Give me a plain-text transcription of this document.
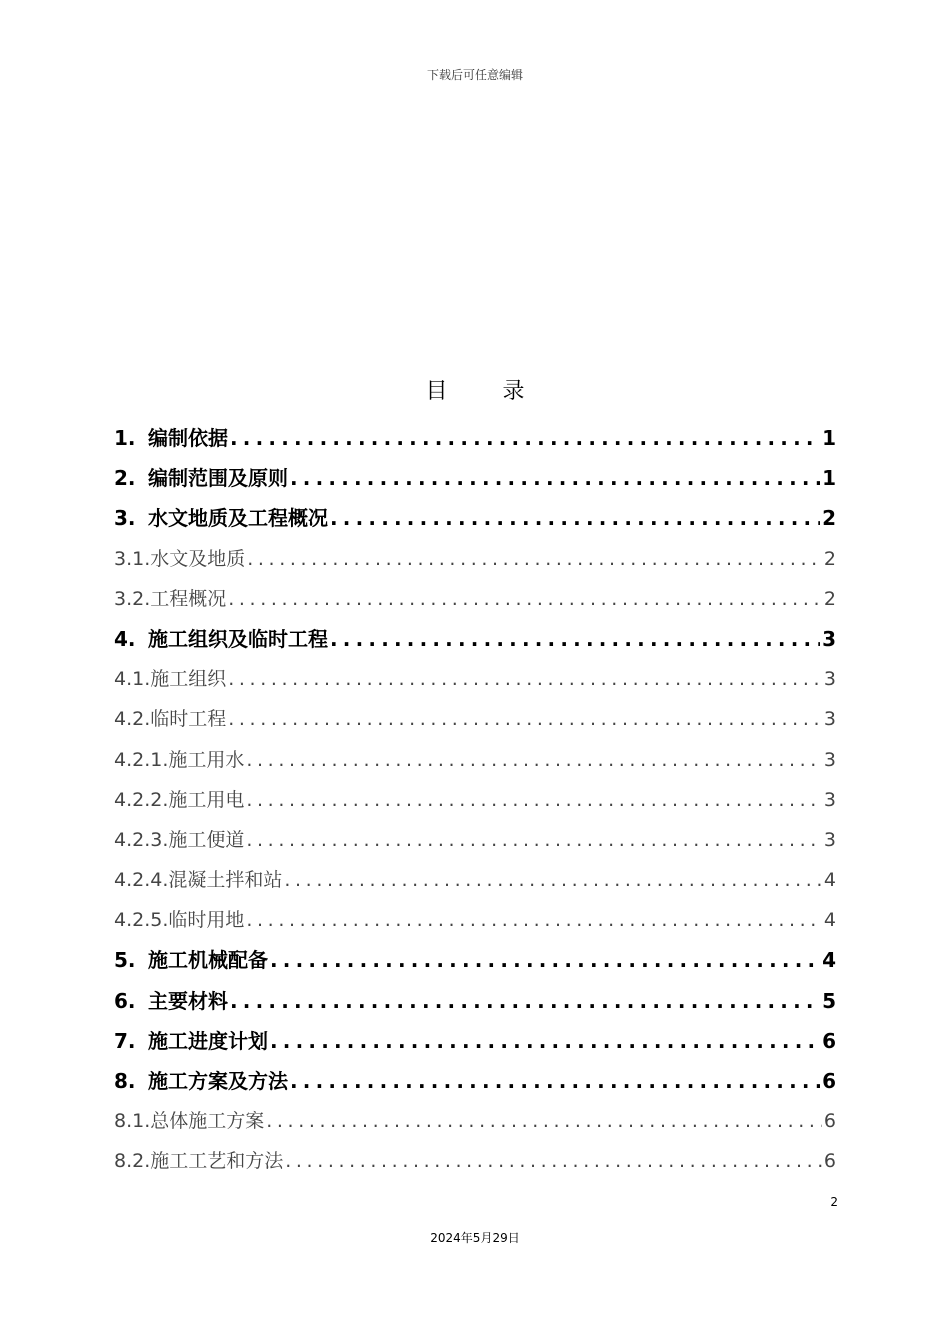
下载后可任意编辑
目 录
1. 编制依据 .....	1
2. 编制范围及原则 .....	1
3. 水文地质及工程概况 .....	2
3.1. 水文及地质 .....	2
3.2. 工程概况 .....	2
4. 施工组织及临时工程 .....	3
4.1. 施工组织 .....	3
4.2. 临时工程 .....	3
4.2.1. 施工用水 .....	3
4.2.2. 施工用电 .....	3
4.2.3. 施工便道 .....	3
4.2.4. 混凝土拌和站 .....	4
4.2.5. 临时用地 .....	4
5. 施工机械配备 .....	4
6. 主要材料 .....	5
7. 施工进度计划 .....	6
8. 施工方案及方法 .....	6
8.1. 总体施工方案 .....	6
8.2. 施工工艺和方法 .....	6
2
2024年5月29日
